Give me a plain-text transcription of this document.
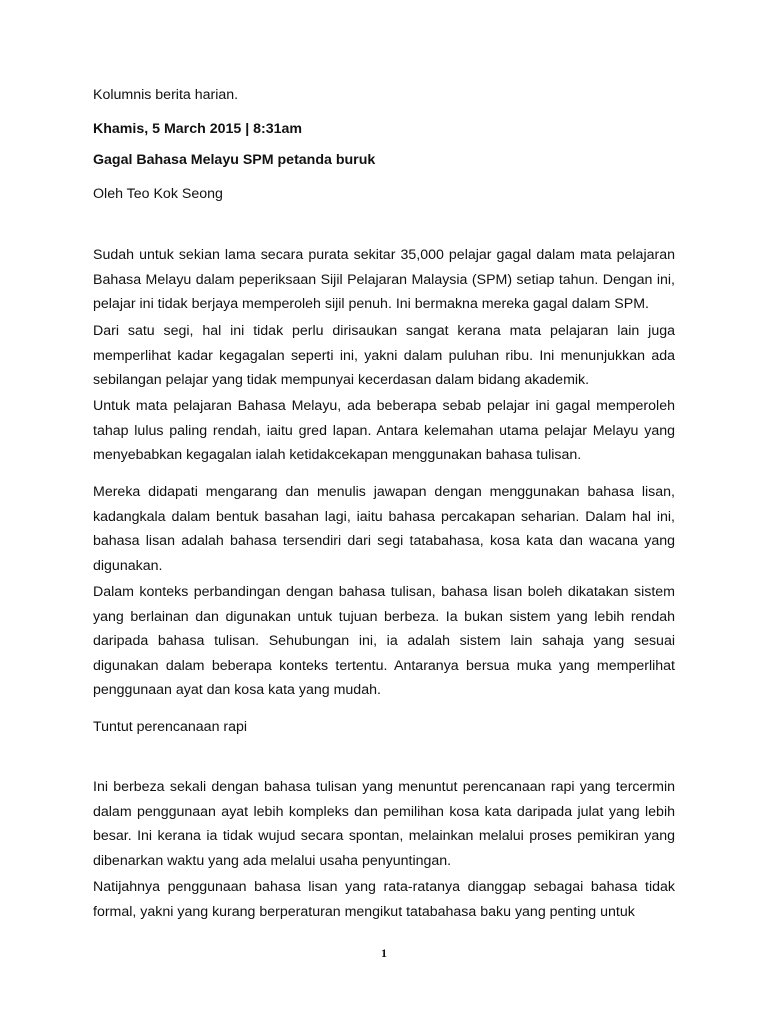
Kolumnis berita harian.

Khamis, 5 March 2015 | 8:31am

Gagal Bahasa Melayu SPM petanda buruk

Oleh Teo Kok Seong

Sudah untuk sekian lama secara purata sekitar 35,000 pelajar gagal dalam mata pelajaran Bahasa Melayu dalam peperiksaan Sijil Pelajaran Malaysia (SPM) setiap tahun. Dengan ini, pelajar ini tidak berjaya memperoleh sijil penuh. Ini bermakna mereka gagal dalam SPM.

Dari satu segi, hal ini tidak perlu dirisaukan sangat kerana mata pelajaran lain juga memperlihat kadar kegagalan seperti ini, yakni dalam puluhan ribu. Ini menunjukkan ada sebilangan pelajar yang tidak mempunyai kecerdasan dalam bidang akademik.

Untuk mata pelajaran Bahasa Melayu, ada beberapa sebab pelajar ini gagal memperoleh tahap lulus paling rendah, iaitu gred lapan. Antara kelemahan utama pelajar Melayu yang menyebabkan kegagalan ialah ketidakcekapan menggunakan bahasa tulisan.

Mereka didapati mengarang dan menulis jawapan dengan menggunakan bahasa lisan, kadangkala dalam bentuk basahan lagi, iaitu bahasa percakapan seharian. Dalam hal ini, bahasa lisan adalah bahasa tersendiri dari segi tatabahasa, kosa kata dan wacana yang digunakan.

Dalam konteks perbandingan dengan bahasa tulisan, bahasa lisan boleh dikatakan sistem yang berlainan dan digunakan untuk tujuan berbeza. Ia bukan sistem yang lebih rendah daripada bahasa tulisan. Sehubungan ini, ia adalah sistem lain sahaja yang sesuai digunakan dalam beberapa konteks tertentu. Antaranya bersua muka yang memperlihat penggunaan ayat dan kosa kata yang mudah.

Tuntut perencanaan rapi

Ini berbeza sekali dengan bahasa tulisan yang menuntut perencanaan rapi yang tercermin dalam penggunaan ayat lebih kompleks dan pemilihan kosa kata daripada julat yang lebih besar. Ini kerana ia tidak wujud secara spontan, melainkan melalui proses pemikiran yang dibenarkan waktu yang ada melalui usaha penyuntingan.

Natijahnya penggunaan bahasa lisan yang rata-ratanya dianggap sebagai bahasa tidak formal, yakni yang kurang berperaturan mengikut tatabahasa baku yang penting untuk

1
